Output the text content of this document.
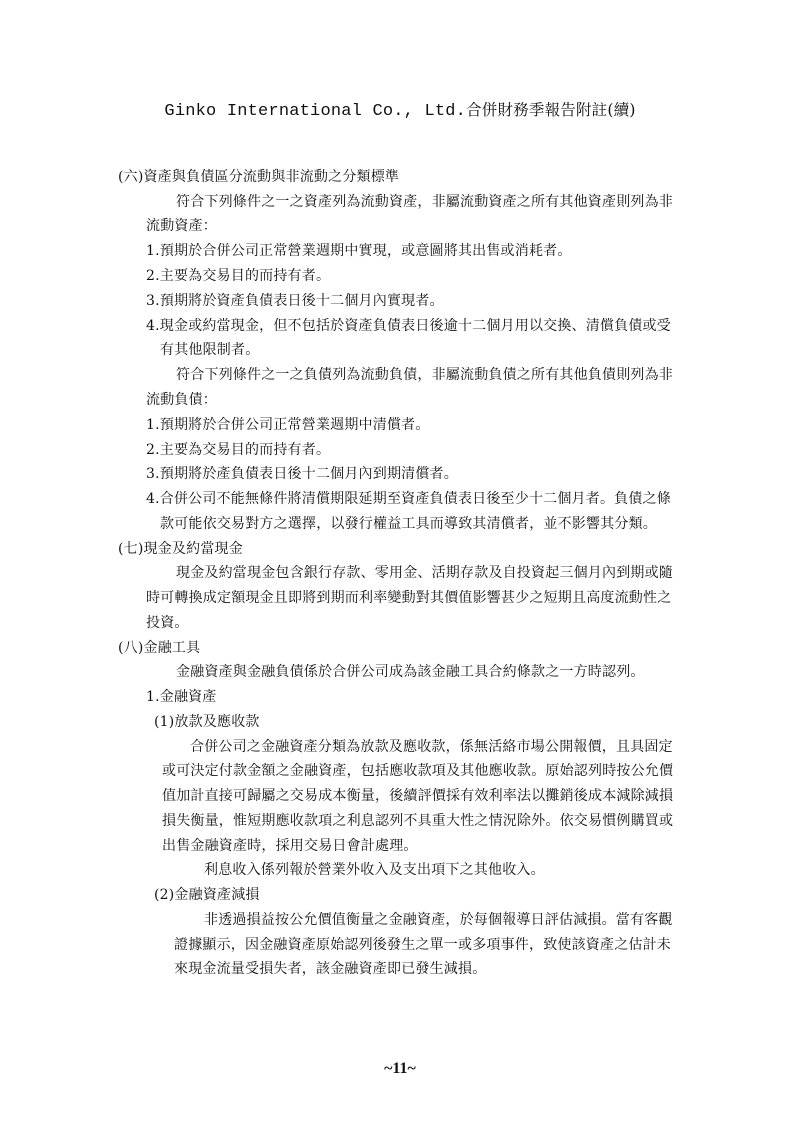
Ginko International Co., Ltd.合併財務季報告附註(續)
(六)資產與負債區分流動與非流動之分類標準
符合下列條件之一之資產列為流動資產，非屬流動資產之所有其他資產則列為非
流動資產：
1.預期於合併公司正常營業週期中實現，或意圖將其出售或消耗者。
2.主要為交易目的而持有者。
3.預期將於資產負債表日後十二個月內實現者。
4.現金或約當現金，但不包括於資產負債表日後逾十二個月用以交換、清償負債或受
有其他限制者。
符合下列條件之一之負債列為流動負債，非屬流動負債之所有其他負債則列為非
流動負債：
1.預期將於合併公司正常營業週期中清償者。
2.主要為交易目的而持有者。
3.預期將於產負債表日後十二個月內到期清償者。
4.合併公司不能無條件將清償期限延期至資產負債表日後至少十二個月者。負債之條
款可能依交易對方之選擇，以發行權益工具而導致其清償者，並不影響其分類。
(七)現金及約當現金
現金及約當現金包含銀行存款、零用金、活期存款及自投資起三個月內到期或隨
時可轉換成定額現金且即將到期而利率變動對其價值影響甚少之短期且高度流動性之
投資。
(八)金融工具
金融資產與金融負債係於合併公司成為該金融工具合約條款之一方時認列。
1.金融資產
(1)放款及應收款
合併公司之金融資產分類為放款及應收款，係無活絡市場公開報價，且具固定
或可決定付款金額之金融資產，包括應收款項及其他應收款。原始認列時按公允價
值加計直接可歸屬之交易成本衡量，後續評價採有效利率法以攤銷後成本減除減損
損失衡量，惟短期應收款項之利息認列不具重大性之情況除外。依交易慣例購買或
出售金融資產時，採用交易日會計處理。
利息收入係列報於營業外收入及支出項下之其他收入。
(2)金融資產減損
非透過損益按公允價值衡量之金融資產，於每個報導日評估減損。當有客觀
證據顯示，因金融資產原始認列後發生之單一或多項事件，致使該資產之估計未
來現金流量受損失者，該金融資產即已發生減損。
~11~
